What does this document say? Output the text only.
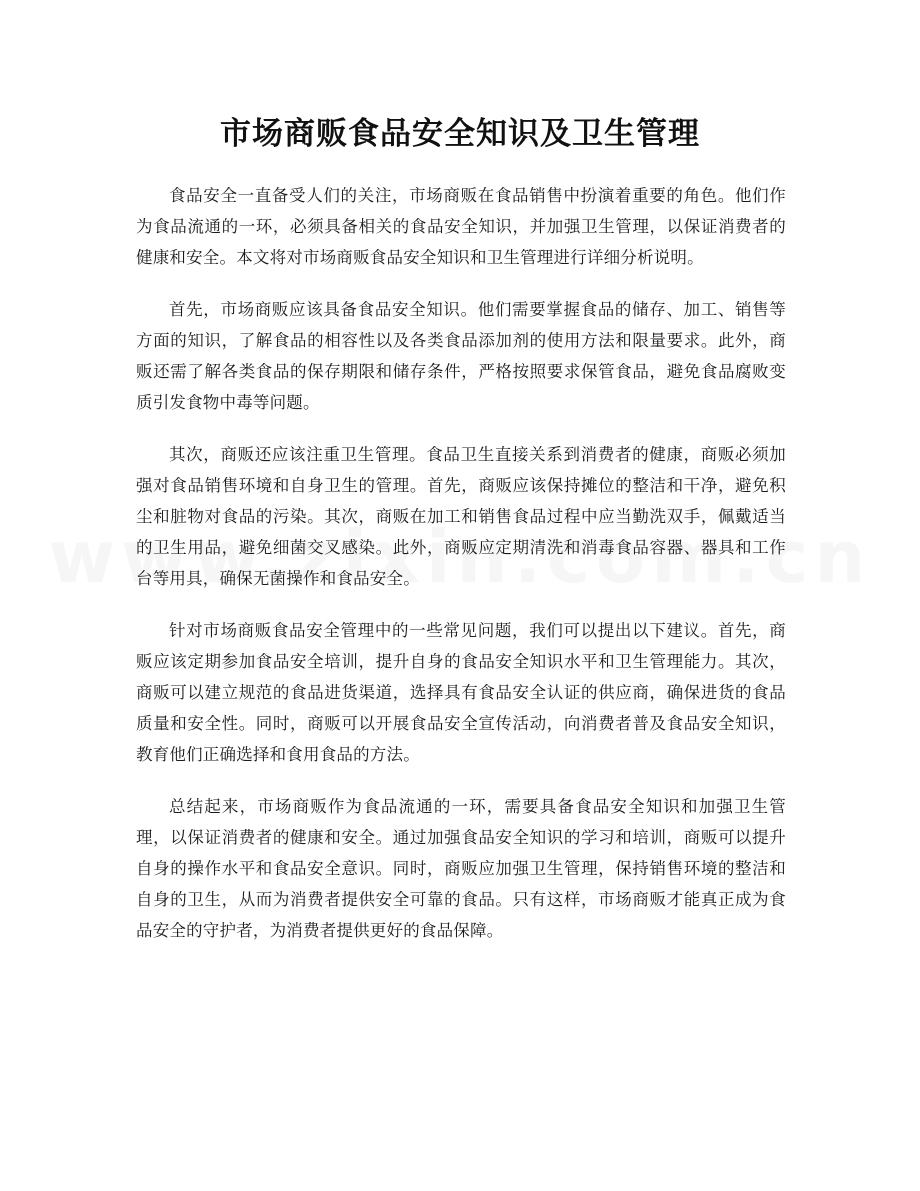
市场商贩食品安全知识及卫生管理

食品安全一直备受人们的关注，市场商贩在食品销售中扮演着重要的角色。他们作为食品流通的一环，必须具备相关的食品安全知识，并加强卫生管理，以保证消费者的健康和安全。本文将对市场商贩食品安全知识和卫生管理进行详细分析说明。

首先，市场商贩应该具备食品安全知识。他们需要掌握食品的储存、加工、销售等方面的知识，了解食品的相容性以及各类食品添加剂的使用方法和限量要求。此外，商贩还需了解各类食品的保存期限和储存条件，严格按照要求保管食品，避免食品腐败变质引发食物中毒等问题。

其次，商贩还应该注重卫生管理。食品卫生直接关系到消费者的健康，商贩必须加强对食品销售环境和自身卫生的管理。首先，商贩应该保持摊位的整洁和干净，避免积尘和脏物对食品的污染。其次，商贩在加工和销售食品过程中应当勤洗双手，佩戴适当的卫生用品，避免细菌交叉感染。此外，商贩应定期清洗和消毒食品容器、器具和工作台等用具，确保无菌操作和食品安全。

针对市场商贩食品安全管理中的一些常见问题，我们可以提出以下建议。首先，商贩应该定期参加食品安全培训，提升自身的食品安全知识水平和卫生管理能力。其次，商贩可以建立规范的食品进货渠道，选择具有食品安全认证的供应商，确保进货的食品质量和安全性。同时，商贩可以开展食品安全宣传活动，向消费者普及食品安全知识，教育他们正确选择和食用食品的方法。

总结起来，市场商贩作为食品流通的一环，需要具备食品安全知识和加强卫生管理，以保证消费者的健康和安全。通过加强食品安全知识的学习和培训，商贩可以提升自身的操作水平和食品安全意识。同时，商贩应加强卫生管理，保持销售环境的整洁和自身的卫生，从而为消费者提供安全可靠的食品。只有这样，市场商贩才能真正成为食品安全的守护者，为消费者提供更好的食品保障。
